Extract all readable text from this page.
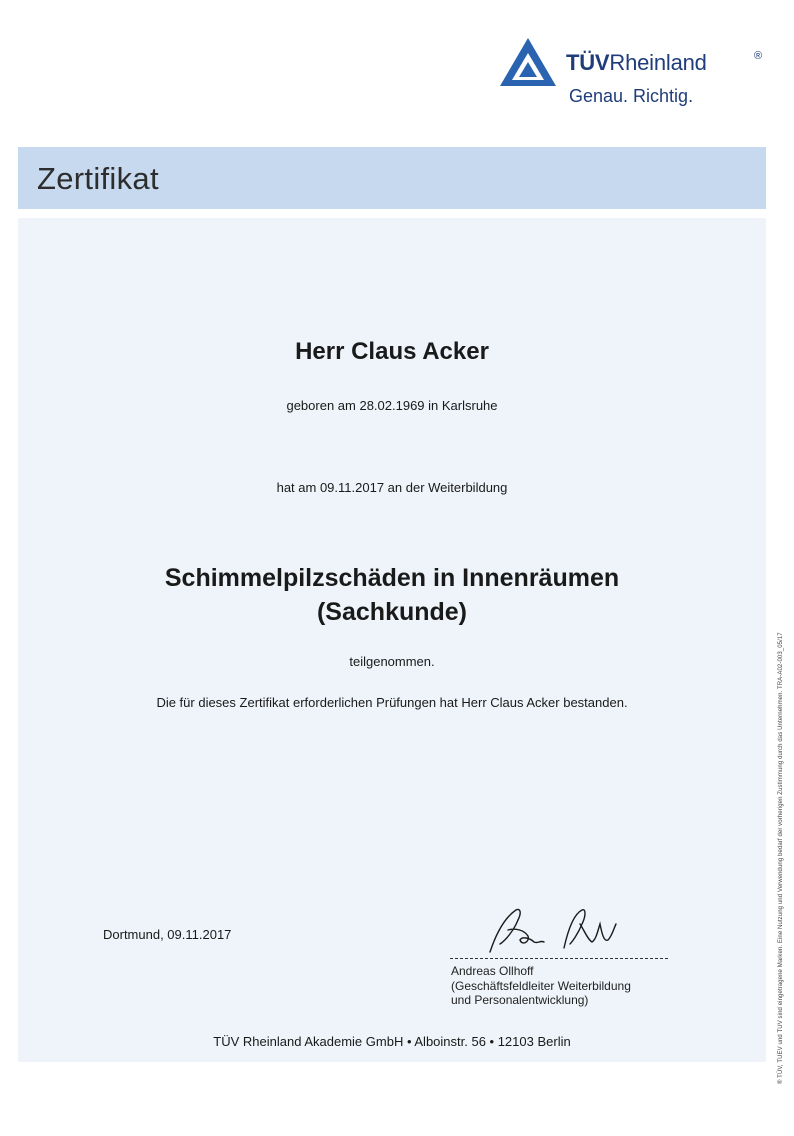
TÜVRheinland	®
Genau. Richtig.
Zertifikat
Herr Claus Acker
geboren am 28.02.1969 in Karlsruhe
hat am 09.11.2017 an der Weiterbildung
Schimmelpilzschäden in Innenräumen
(Sachkunde)
teilgenommen.
Die für dieses Zertifikat erforderlichen Prüfungen hat Herr Claus Acker bestanden.
Dortmund, 09.11.2017
Andreas Ollhoff
(Geschäftsfeldleiter Weiterbildung
und Personalentwicklung)
TÜV Rheinland Akademie GmbH • Alboinstr. 56 • 12103 Berlin	® TÜV, TUEV und TUV sind eingetragene Marken. Eine Nutzung und Verwendung bedarf der vorherigen Zustimmung durch das Unternehmen. TRA-A02-003_05/17
